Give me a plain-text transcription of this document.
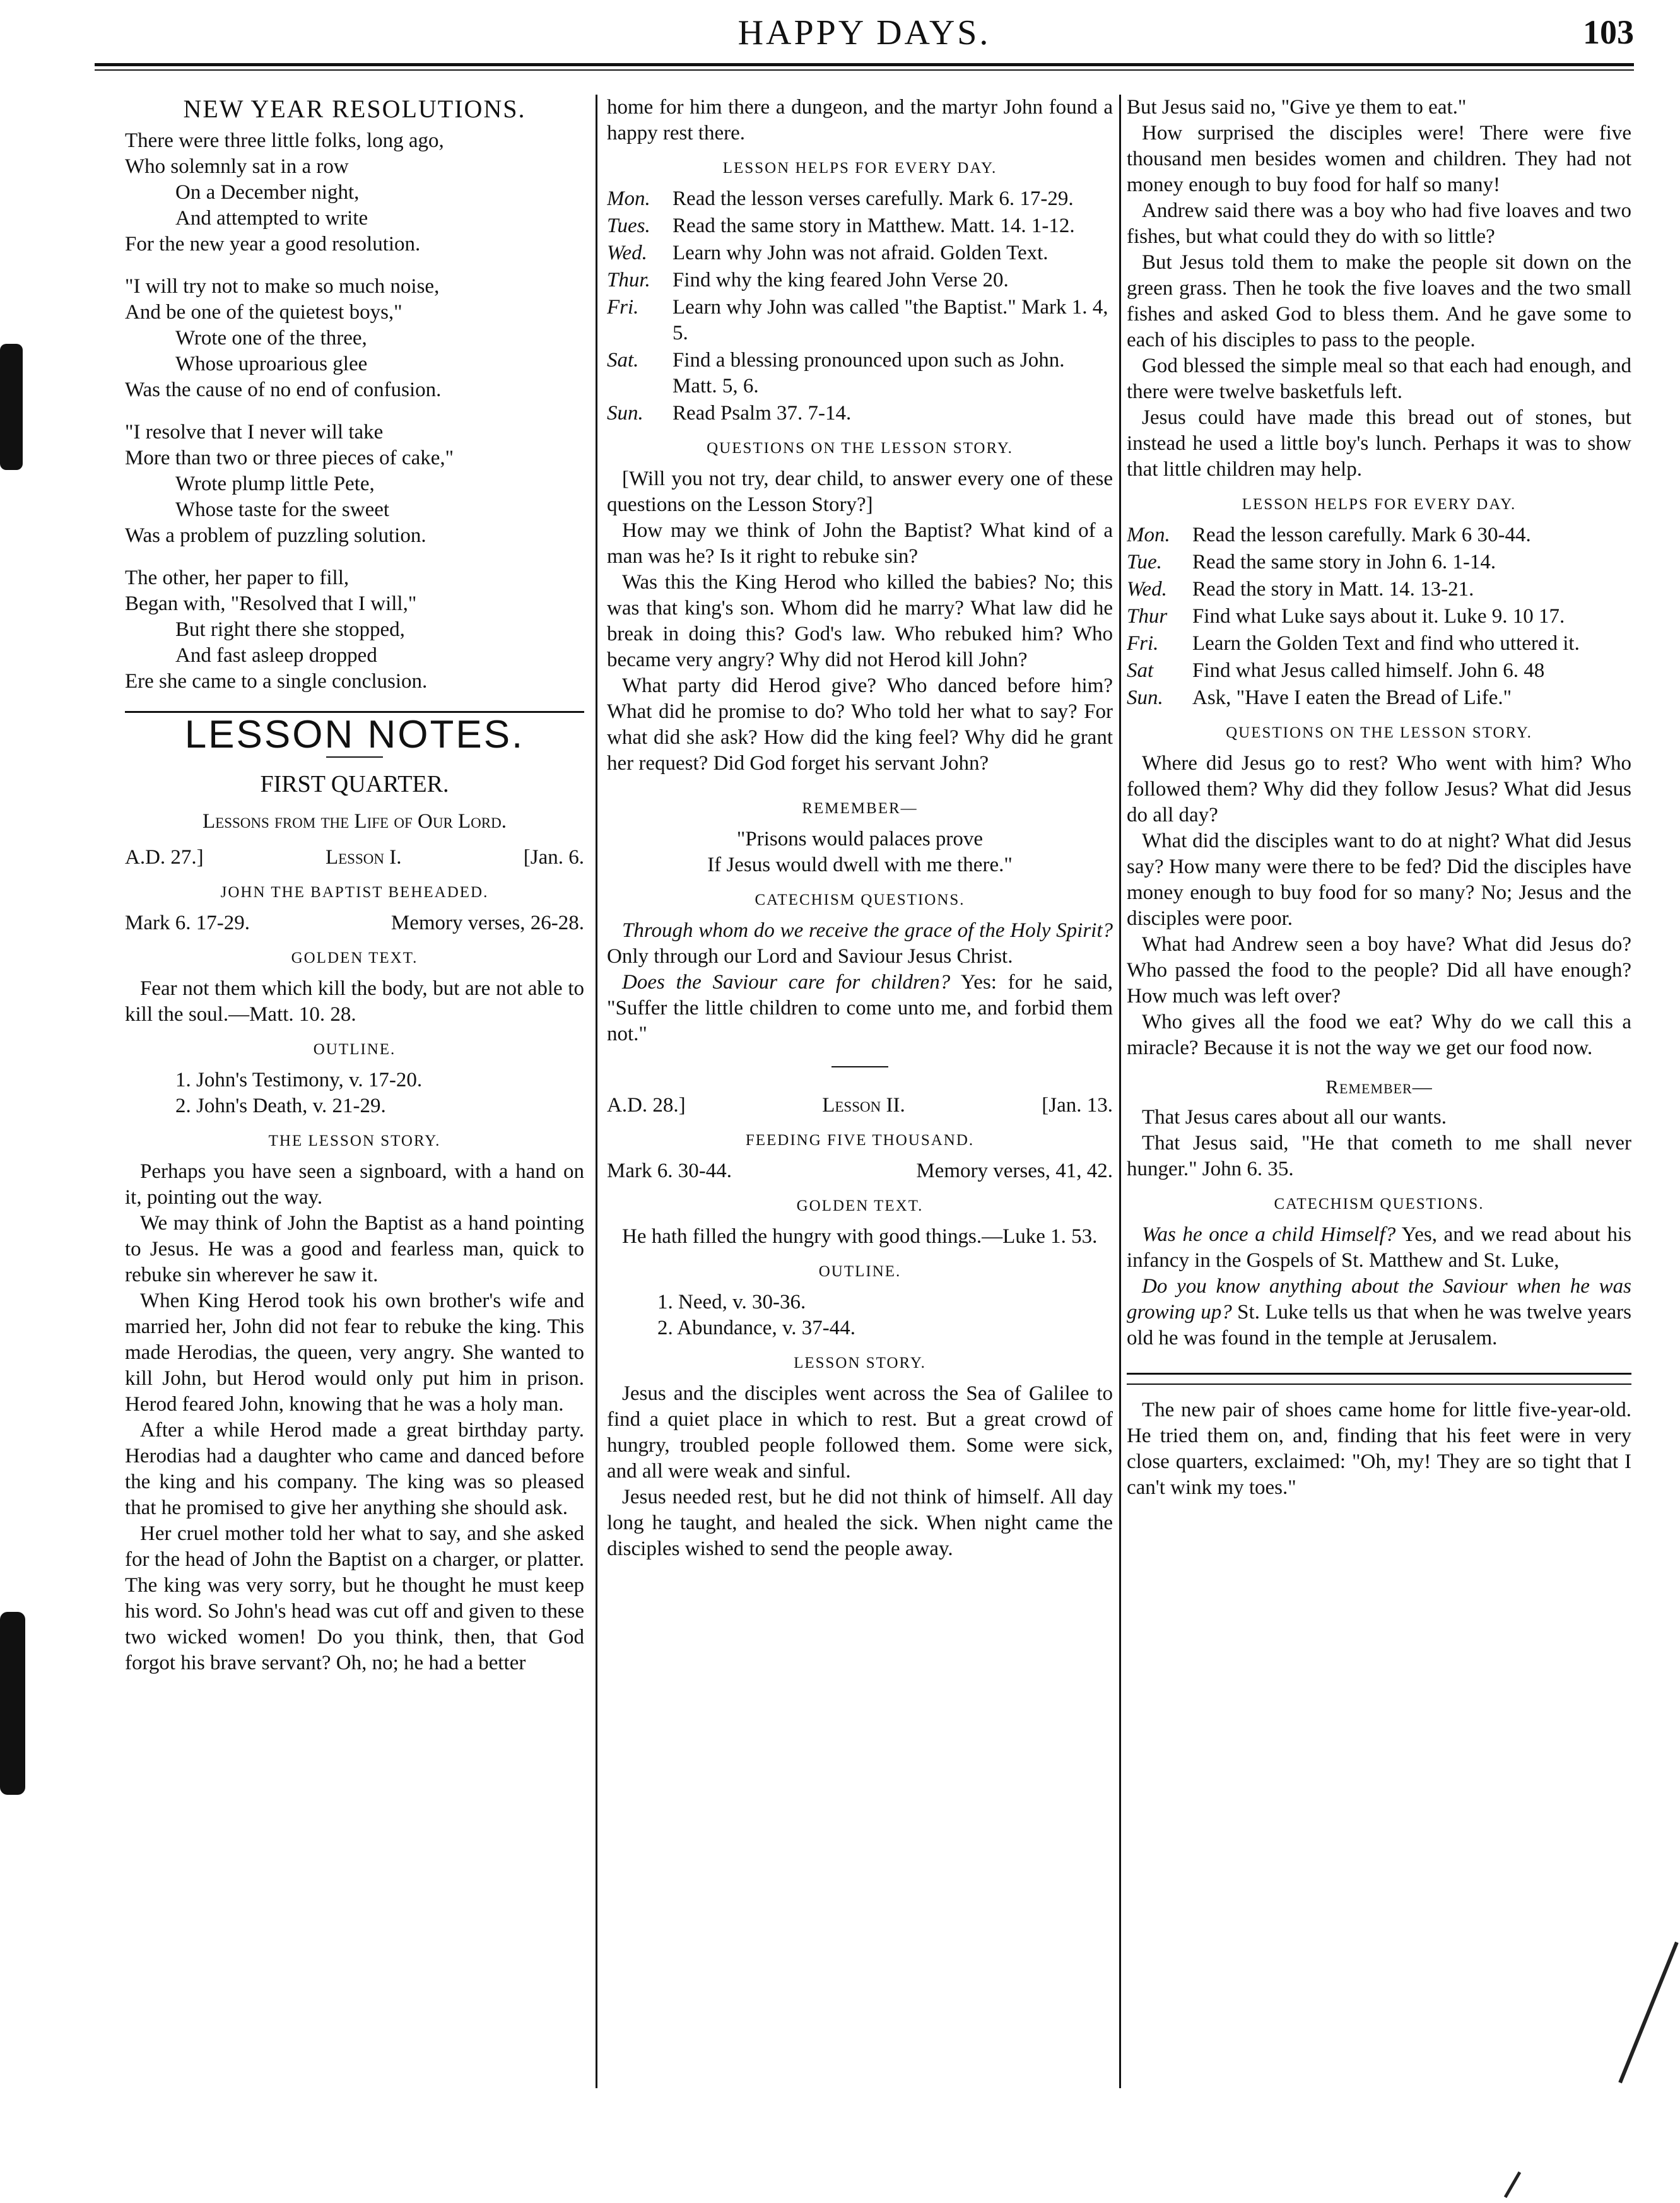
HAPPY DAYS.	103
NEW YEAR RESOLUTIONS.
There were three little folks, long ago,
Who solemnly sat in a row
On a December night,
And attempted to write
For the new year a good resolution.
"I will try not to make so much noise,
And be one of the quietest boys,"
Wrote one of the three,
Whose uproarious glee
Was the cause of no end of confusion.
"I resolve that I never will take
More than two or three pieces of cake,"
Wrote plump little Pete,
Whose taste for the sweet
Was a problem of puzzling solution.
The other, her paper to fill,
Began with, "Resolved that I will,"
But right there she stopped,
And fast asleep dropped
Ere she came to a single conclusion.
LESSON NOTES.

FIRST QUARTER.

Lessons from the Life of Our Lord.

A.D. 27.]	Lesson I.	[Jan. 6.
JOHN THE BAPTIST BEHEADED.
Mark 6. 17-29.	Memory verses, 26-28.
GOLDEN TEXT.

Fear not them which kill the body, but are not able to kill the soul.—Matt. 10. 28.

OUTLINE.

1. John's Testimony, v. 17-20.

2. John's Death, v. 21-29.

THE LESSON STORY.

Perhaps you have seen a signboard, with a hand on it, pointing out the way.

We may think of John the Baptist as a hand pointing to Jesus. He was a good and fearless man, quick to rebuke sin wherever he saw it.

When King Herod took his own brother's wife and married her, John did not fear to rebuke the king. This made Herodias, the queen, very angry. She wanted to kill John, but Herod would only put him in prison. Herod feared John, knowing that he was a holy man.

After a while Herod made a great birthday party. Herodias had a daughter who came and danced before the king and his company. The king was so pleased that he promised to give her anything she should ask.

Her cruel mother told her what to say, and she asked for the head of John the Baptist on a charger, or platter. The king was very sorry, but he thought he must keep his word. So John's head was cut off and given to these two wicked women! Do you think, then, that God forgot his brave servant? Oh, no; he had a better

home for him there a dungeon, and the martyr John found a happy rest there.

LESSON HELPS FOR EVERY DAY.
Mon.	Read the lesson verses carefully. Mark 6. 17-29.
Tues.	Read the same story in Matthew. Matt. 14. 1-12.
Wed.	Learn why John was not afraid. Golden Text.
Thur.	Find why the king feared John Verse 20.
Fri.	Learn why John was called "the Baptist." Mark 1. 4, 5.
Sat.	Find a blessing pronounced upon such as John. Matt. 5, 6.
Sun.	Read Psalm 37. 7-14.
QUESTIONS ON THE LESSON STORY.

[Will you not try, dear child, to answer every one of these questions on the Lesson Story?]

How may we think of John the Baptist? What kind of a man was he? Is it right to rebuke sin?

Was this the King Herod who killed the babies? No; this was that king's son. Whom did he marry? What law did he break in doing this? God's law. Who rebuked him? Who became very angry? Why did not Herod kill John?

What party did Herod give? Who danced before him? What did he promise to do? Who told her what to say? For what did she ask? How did the king feel? Why did he grant her request? Did God forget his servant John?

REMEMBER—

"Prisons would palaces prove

If Jesus would dwell with me there."

CATECHISM QUESTIONS.

Through whom do we receive the grace of the Holy Spirit? Only through our Lord and Saviour Jesus Christ.

Does the Saviour care for children? Yes: for he said, "Suffer the little children to come unto me, and forbid them not."

A.D. 28.]	Lesson II.	[Jan. 13.
FEEDING FIVE THOUSAND.
Mark 6. 30-44.	Memory verses, 41, 42.
GOLDEN TEXT.

He hath filled the hungry with good things.—Luke 1. 53.

OUTLINE.

1. Need, v. 30-36.

2. Abundance, v. 37-44.

LESSON STORY.

Jesus and the disciples went across the Sea of Galilee to find a quiet place in which to rest. But a great crowd of hungry, troubled people followed them. Some were sick, and all were weak and sinful.

Jesus needed rest, but he did not think of himself. All day long he taught, and healed the sick. When night came the disciples wished to send the people away.

But Jesus said no, "Give ye them to eat."

How surprised the disciples were! There were five thousand men besides women and children. They had not money enough to buy food for half so many!

Andrew said there was a boy who had five loaves and two fishes, but what could they do with so little?

But Jesus told them to make the people sit down on the green grass. Then he took the five loaves and the two small fishes and asked God to bless them. And he gave some to each of his disciples to pass to the people.

God blessed the simple meal so that each had enough, and there were twelve basketfuls left.

Jesus could have made this bread out of stones, but instead he used a little boy's lunch. Perhaps it was to show that little children may help.

LESSON HELPS FOR EVERY DAY.
Mon.	Read the lesson carefully. Mark 6 30-44.
Tue.	Read the same story in John 6. 1-14.
Wed.	Read the story in Matt. 14. 13-21.
Thur	Find what Luke says about it. Luke 9. 10 17.
Fri.	Learn the Golden Text and find who uttered it.
Sat	Find what Jesus called himself. John 6. 48
Sun.	Ask, "Have I eaten the Bread of Life."
QUESTIONS ON THE LESSON STORY.

Where did Jesus go to rest? Who went with him? Who followed them? Why did they follow Jesus? What did Jesus do all day?

What did the disciples want to do at night? What did Jesus say? How many were there to be fed? Did the disciples have money enough to buy food for so many? No; Jesus and the disciples were poor.

What had Andrew seen a boy have? What did Jesus do? Who passed the food to the people? Did all have enough? How much was left over?

Who gives all the food we eat? Why do we call this a miracle? Because it is not the way we get our food now.

Remember—

That Jesus cares about all our wants.

That Jesus said, "He that cometh to me shall never hunger." John 6. 35.

CATECHISM QUESTIONS.

Was he once a child Himself? Yes, and we read about his infancy in the Gospels of St. Matthew and St. Luke,

Do you know anything about the Saviour when he was growing up? St. Luke tells us that when he was twelve years old he was found in the temple at Jerusalem.

The new pair of shoes came home for little five-year-old. He tried them on, and, finding that his feet were in very close quarters, exclaimed: "Oh, my! They are so tight that I can't wink my toes."
